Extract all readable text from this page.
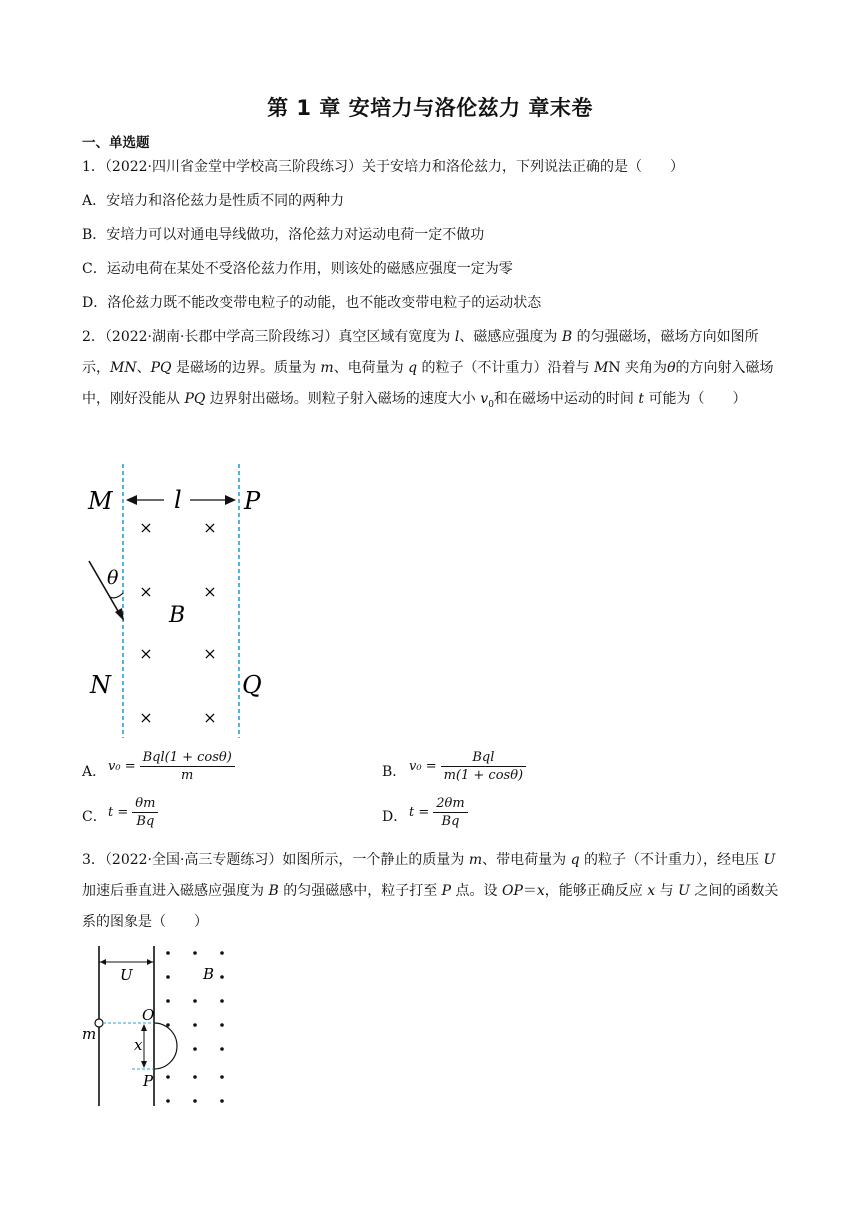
第 1 章 安培力与洛伦兹力 章末卷
一、单选题
1．（2022·四川省金堂中学校高三阶段练习）关于安培力和洛伦兹力，下列说法正确的是（　　）
A．安培力和洛伦兹力是性质不同的两种力
B．安培力可以对通电导线做功，洛伦兹力对运动电荷一定不做功
C．运动电荷在某处不受洛伦兹力作用，则该处的磁感应强度一定为零
D．洛伦兹力既不能改变带电粒子的动能，也不能改变带电粒子的运动状态
2．（2022·湖南·长郡中学高三阶段练习）真空区域有宽度为 l、磁感应强度为 B 的匀强磁场，磁场方向如图所示，MN、PQ 是磁场的边界。质量为 m、电荷量为 q 的粒子（不计重力）沿着与 MN 夹角为θ的方向射入磁场中，刚好没能从 PQ 边界射出磁场。则粒子射入磁场的速度大小 $v_0$和在磁场中运动的时间 t 可能为（　　）
l
M	P
N	Q
B
θ
×	×
×	×
×	×
×	×
A． $v_0 = \frac{\text{Bql(1 + cosθ)}}{m}$	B． $v_0 = \frac{\text{Bql}}{m(1 + \cos\theta)}$
C． $t = \frac{\theta m}{Bq}$	D． $t = \frac{2\theta m}{Bq}$
3．（2022·全国·高三专题练习）如图所示，一个静止的质量为 m、带电荷量为 q 的粒子（不计重力），经电压 U 加速后垂直进入磁感应强度为 B 的匀强磁感中，粒子打至 P 点。设 OP＝x，能够正确反应 x 与 U 之间的函数关系的图象是（　　）
U	B
m
O
P
x
